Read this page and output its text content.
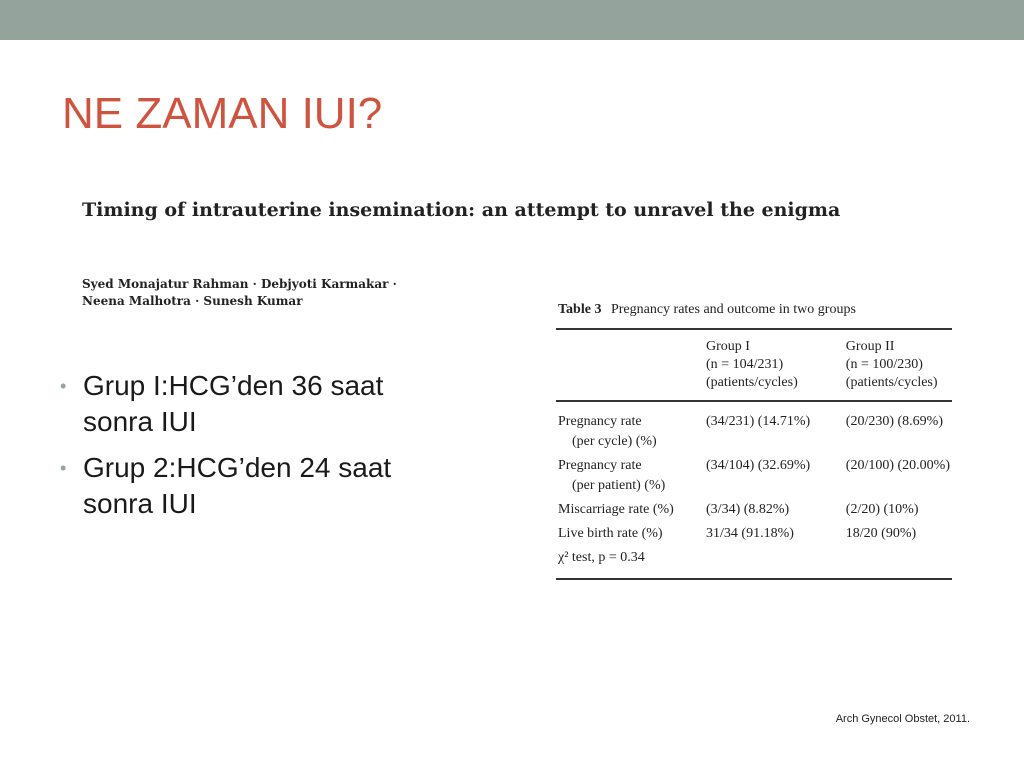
NE ZAMAN IUI?
Timing of intrauterine insemination: an attempt to unravel the enigma
Syed Monajatur Rahman · Debjyoti Karmakar ·
Neena Malhotra · Sunesh Kumar
• Grup I:HCG’den 36 saat sonra IUI
• Grup 2:HCG’den 24 saat sonra IUI
Table 3 Pregnancy rates and outcome in two groups

	Group I
(n = 104/231)
(patients/cycles)	Group II
(n = 100/230)
(patients/cycles)

Pregnancy rate
(per cycle) (%)	(34/231) (14.71%)	(20/230) (8.69%)

Pregnancy rate
(per patient) (%)	(34/104) (32.69%)	(20/100) (20.00%)

Miscarriage rate (%)	(3/34) (8.82%)	(2/20) (10%)

Live birth rate (%)	31/34 (91.18%)	18/20 (90%)

χ² test, p = 0.34		

Arch Gynecol Obstet, 2011.
